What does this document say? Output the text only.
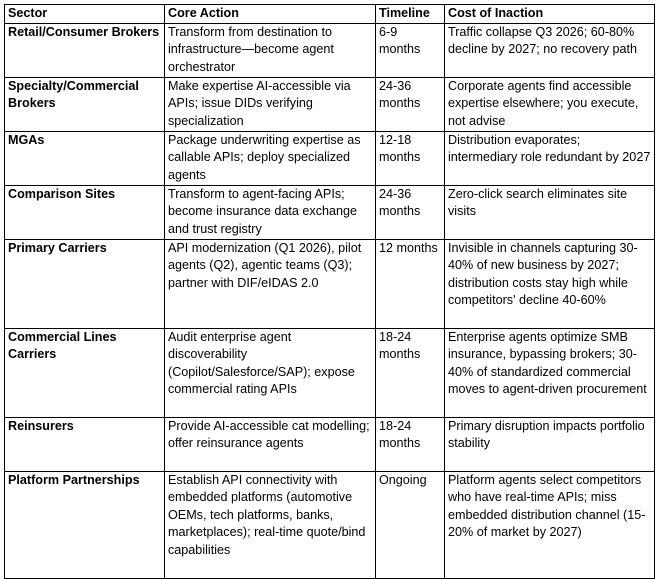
Sector	Core Action	Timeline	Cost of Inaction
Retail/Consumer Brokers	Transform from destination to infrastructure—become agent orchestrator	6-9 months	Traffic collapse Q3 2026; 60-80% decline by 2027; no recovery path
Specialty/Commercial Brokers	Make expertise AI-accessible via APIs; issue DIDs verifying specialization	24-36 months	Corporate agents find accessible expertise elsewhere; you execute, not advise
MGAs	Package underwriting expertise as callable APIs; deploy specialized agents	12-18 months	Distribution evaporates; intermediary role redundant by 2027
Comparison Sites	Transform to agent-facing APIs; become insurance data exchange and trust registry	24-36 months	Zero-click search eliminates site visits
Primary Carriers	API modernization (Q1 2026), pilot agents (Q2), agentic teams (Q3); partner with DIF/eIDAS 2.0	12 months	Invisible in channels capturing 30-40% of new business by 2027; distribution costs stay high while competitors' decline 40-60%
Commercial Lines Carriers	Audit enterprise agent discoverability (Copilot/Salesforce/SAP); expose commercial rating APIs	18-24 months	Enterprise agents optimize SMB insurance, bypassing brokers; 30-40% of standardized commercial moves to agent-driven procurement
Reinsurers	Provide AI-accessible cat modelling; offer reinsurance agents	18-24 months	Primary disruption impacts portfolio stability
Platform Partnerships	Establish API connectivity with embedded platforms (automotive OEMs, tech platforms, banks, marketplaces); real-time quote/bind capabilities	Ongoing	Platform agents select competitors who have real-time APIs; miss embedded distribution channel (15-20% of market by 2027)
